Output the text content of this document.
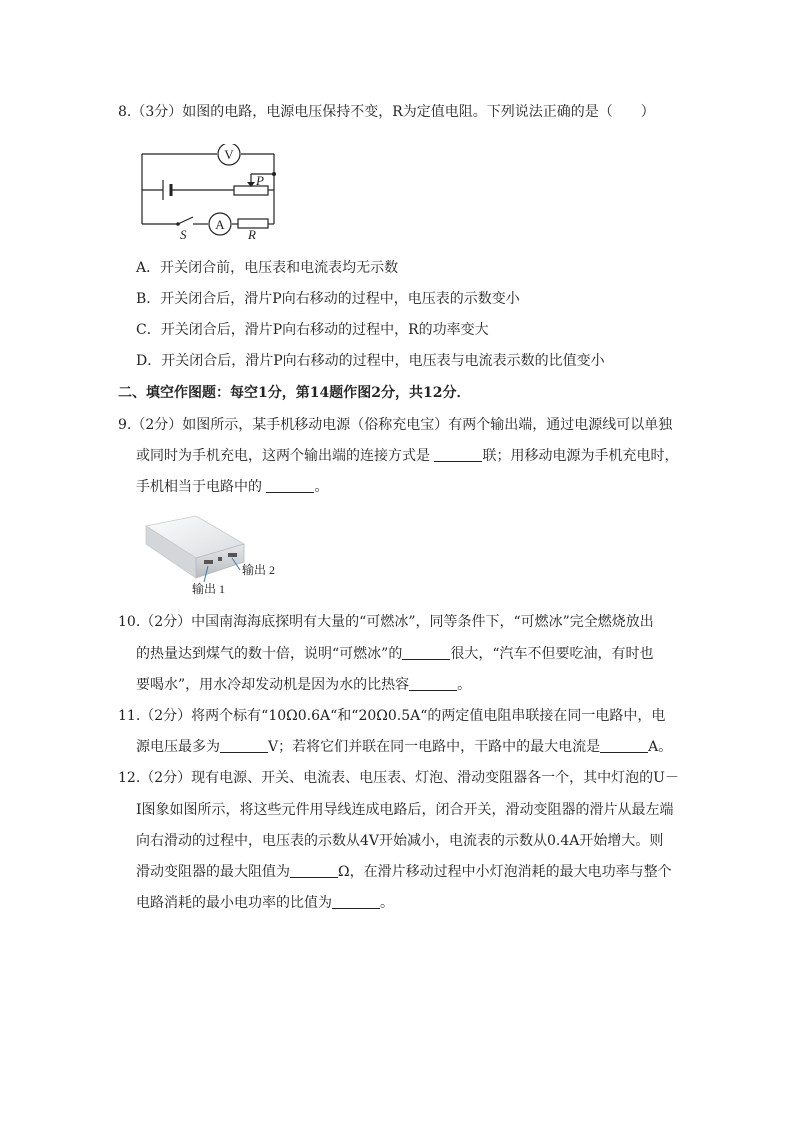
8.（3分）如图的电路，电源电压保持不变，R为定值电阻。下列说法正确的是（　　）
V
P
S
A
R
A．开关闭合前，电压表和电流表均无示数
B．开关闭合后，滑片P向右移动的过程中，电压表的示数变小
C．开关闭合后，滑片P向右移动的过程中，R的功率变大
D．开关闭合后，滑片P向右移动的过程中，电压表与电流表示数的比值变小
二、填空作图题：每空1分，第14题作图2分，共12分．
9.（2分）如图所示，某手机移动电源（俗称充电宝）有两个输出端，通过电源线可以单独
或同时为手机充电，这两个输出端的连接方式是	联；用移动电源为手机充电时，
手机相当于电路中的	。
输出 1
输出 2
10.（2分）中国南海海底探明有大量的“可燃冰”，同等条件下，“可燃冰”完全燃烧放出
的热量达到煤气的数十倍，说明“可燃冰”的	很大，“汽车不但要吃油，有时也
要喝水”，用水冷却发动机是因为水的比热容	。
11.（2分）将两个标有“10Ω0.6A“和“20Ω0.5A“的两定值电阻串联接在同一电路中，电
源电压最多为	V；若将它们并联在同一电路中，干路中的最大电流是	A。
12.（2分）现有电源、开关、电流表、电压表、灯泡、滑动变阻器各一个，其中灯泡的U－
I图象如图所示，将这些元件用导线连成电路后，闭合开关，滑动变阻器的滑片从最左端
向右滑动的过程中，电压表的示数从4V开始减小，电流表的示数从0.4A开始增大。则
滑动变阻器的最大阻值为	Ω，在滑片移动过程中小灯泡消耗的最大电功率与整个
电路消耗的最小电功率的比值为	。
